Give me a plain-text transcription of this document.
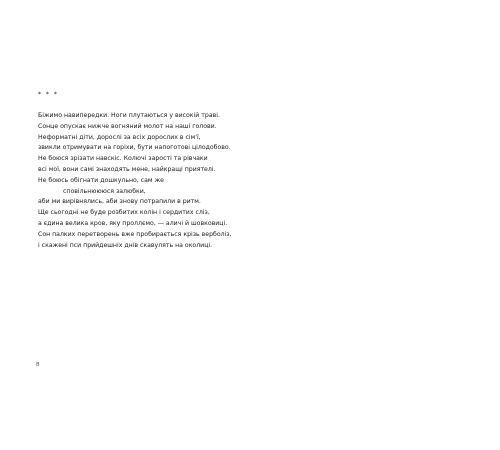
* * *
Біжимо навипередки. Ноги плутаються у високій траві.
Сонце опускає нижче вогняний молот на наші голови.
Неформатні діти, дорослі за всіх дорослих в сім'ї,
звикли отримувати на горіхи, бути напоготові цілодобово.
Не боюся зрізати навскіс. Колючі зарості та рівчаки
всі мої, вони самі знаходять мене, найкращі приятелі.
Не боюсь обігнати дошкульно, сам же
сповільнюююся залюбки,
аби ми вирівнялись, аби знову потрапили в ритм.
Ще сьогодні не буде розбитих колін і сердитих сліз,
а єдина велика кров, яку проллємо, — аличі й шовковиці.
Сон палких перетворень вже пробирається крізь верболіз,
і скажені пси прийдешніх днів скавулять на околиці.
8
